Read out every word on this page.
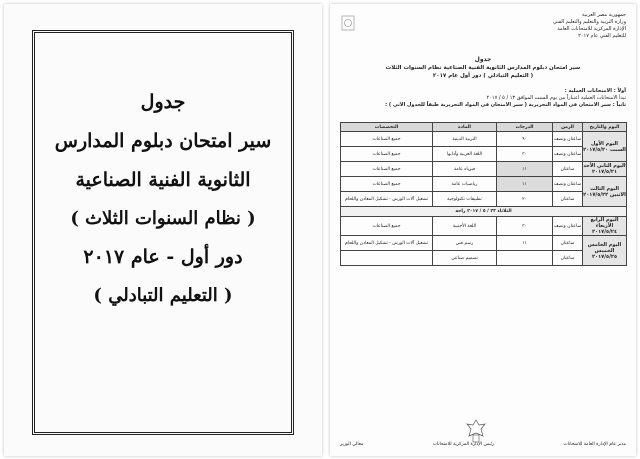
جدول
سير امتحان دبلوم المدارس
الثانوية الفنية الصناعية
( نظام السنوات الثلاث )
دور أول - عام ٢٠١٧
( التعليم التبادلي )
جمهورية مصر العربية
وزارة التربية والتعليم والتعليم الفني
الإدارة المركزية للامتحانات العامة
للتعليم الفني عام ٢٠١٧
جدول
سير امتحان دبلوم المدارس الثانوية الفنية الصناعية نظام السنوات الثلاث
( التعليم التبادلي ) دور أول عام ٢٠١٧
أولاً : الامتحانات العملية :
تبدأ الامتحانات العملية اعتباراً من يوم السبت الموافق ١٣ / ٥ / ٢٠١٧
ثانياً : سير الامتحان في المواد التحريرية ( سير الامتحان في المواد التحريرية طبقاً للجدول الآتي ) :
اليوم والتاريخ	الزمن	الدرجات	المادة	التخصصات
اليوم الأول السبت ٢٠١٧/٥/٢٠	ساعتان ونصف	٩٠	التربية الدينية	جميع الصناعات
	ساعتان ونصف	٣٠	اللغة العربية وآدابها	جميع الصناعات
اليوم الثاني الأحد ٢٠١٧/٥/٢١	ساعتان	١١	فيزياء عامة	جميع الصناعات
اليوم الثالث الاثنين ٢٠١٧/٥/٢٢	ساعتان ونصف	١١	رياضيات عامة	جميع الصناعات
	ساعتان	٢٠	تطبيقات تكنولوجية	تشغيل آلات الورش - تشكيل المعادن واللحام
الثلاثاء ٢٣ / ٥ / ٢٠١٧ راحة				
اليوم الرابع الأربعاء ٢٠١٧/٥/٢٤	ساعتان ونصف	٣٠	اللغة الأجنبية	جميع الصناعات
اليوم الخامس الخميس ٢٠١٧/٥/٢٥	ساعتان	١١	رسم فني	تشغيل آلات الورش - تشكيل المعادن واللحام
	ساعتان		تصميم صناعي	
مدير عام الإدارة العامة للامتحانات
رئيس الإدارة المركزية للامتحانات
معالي الوزير
